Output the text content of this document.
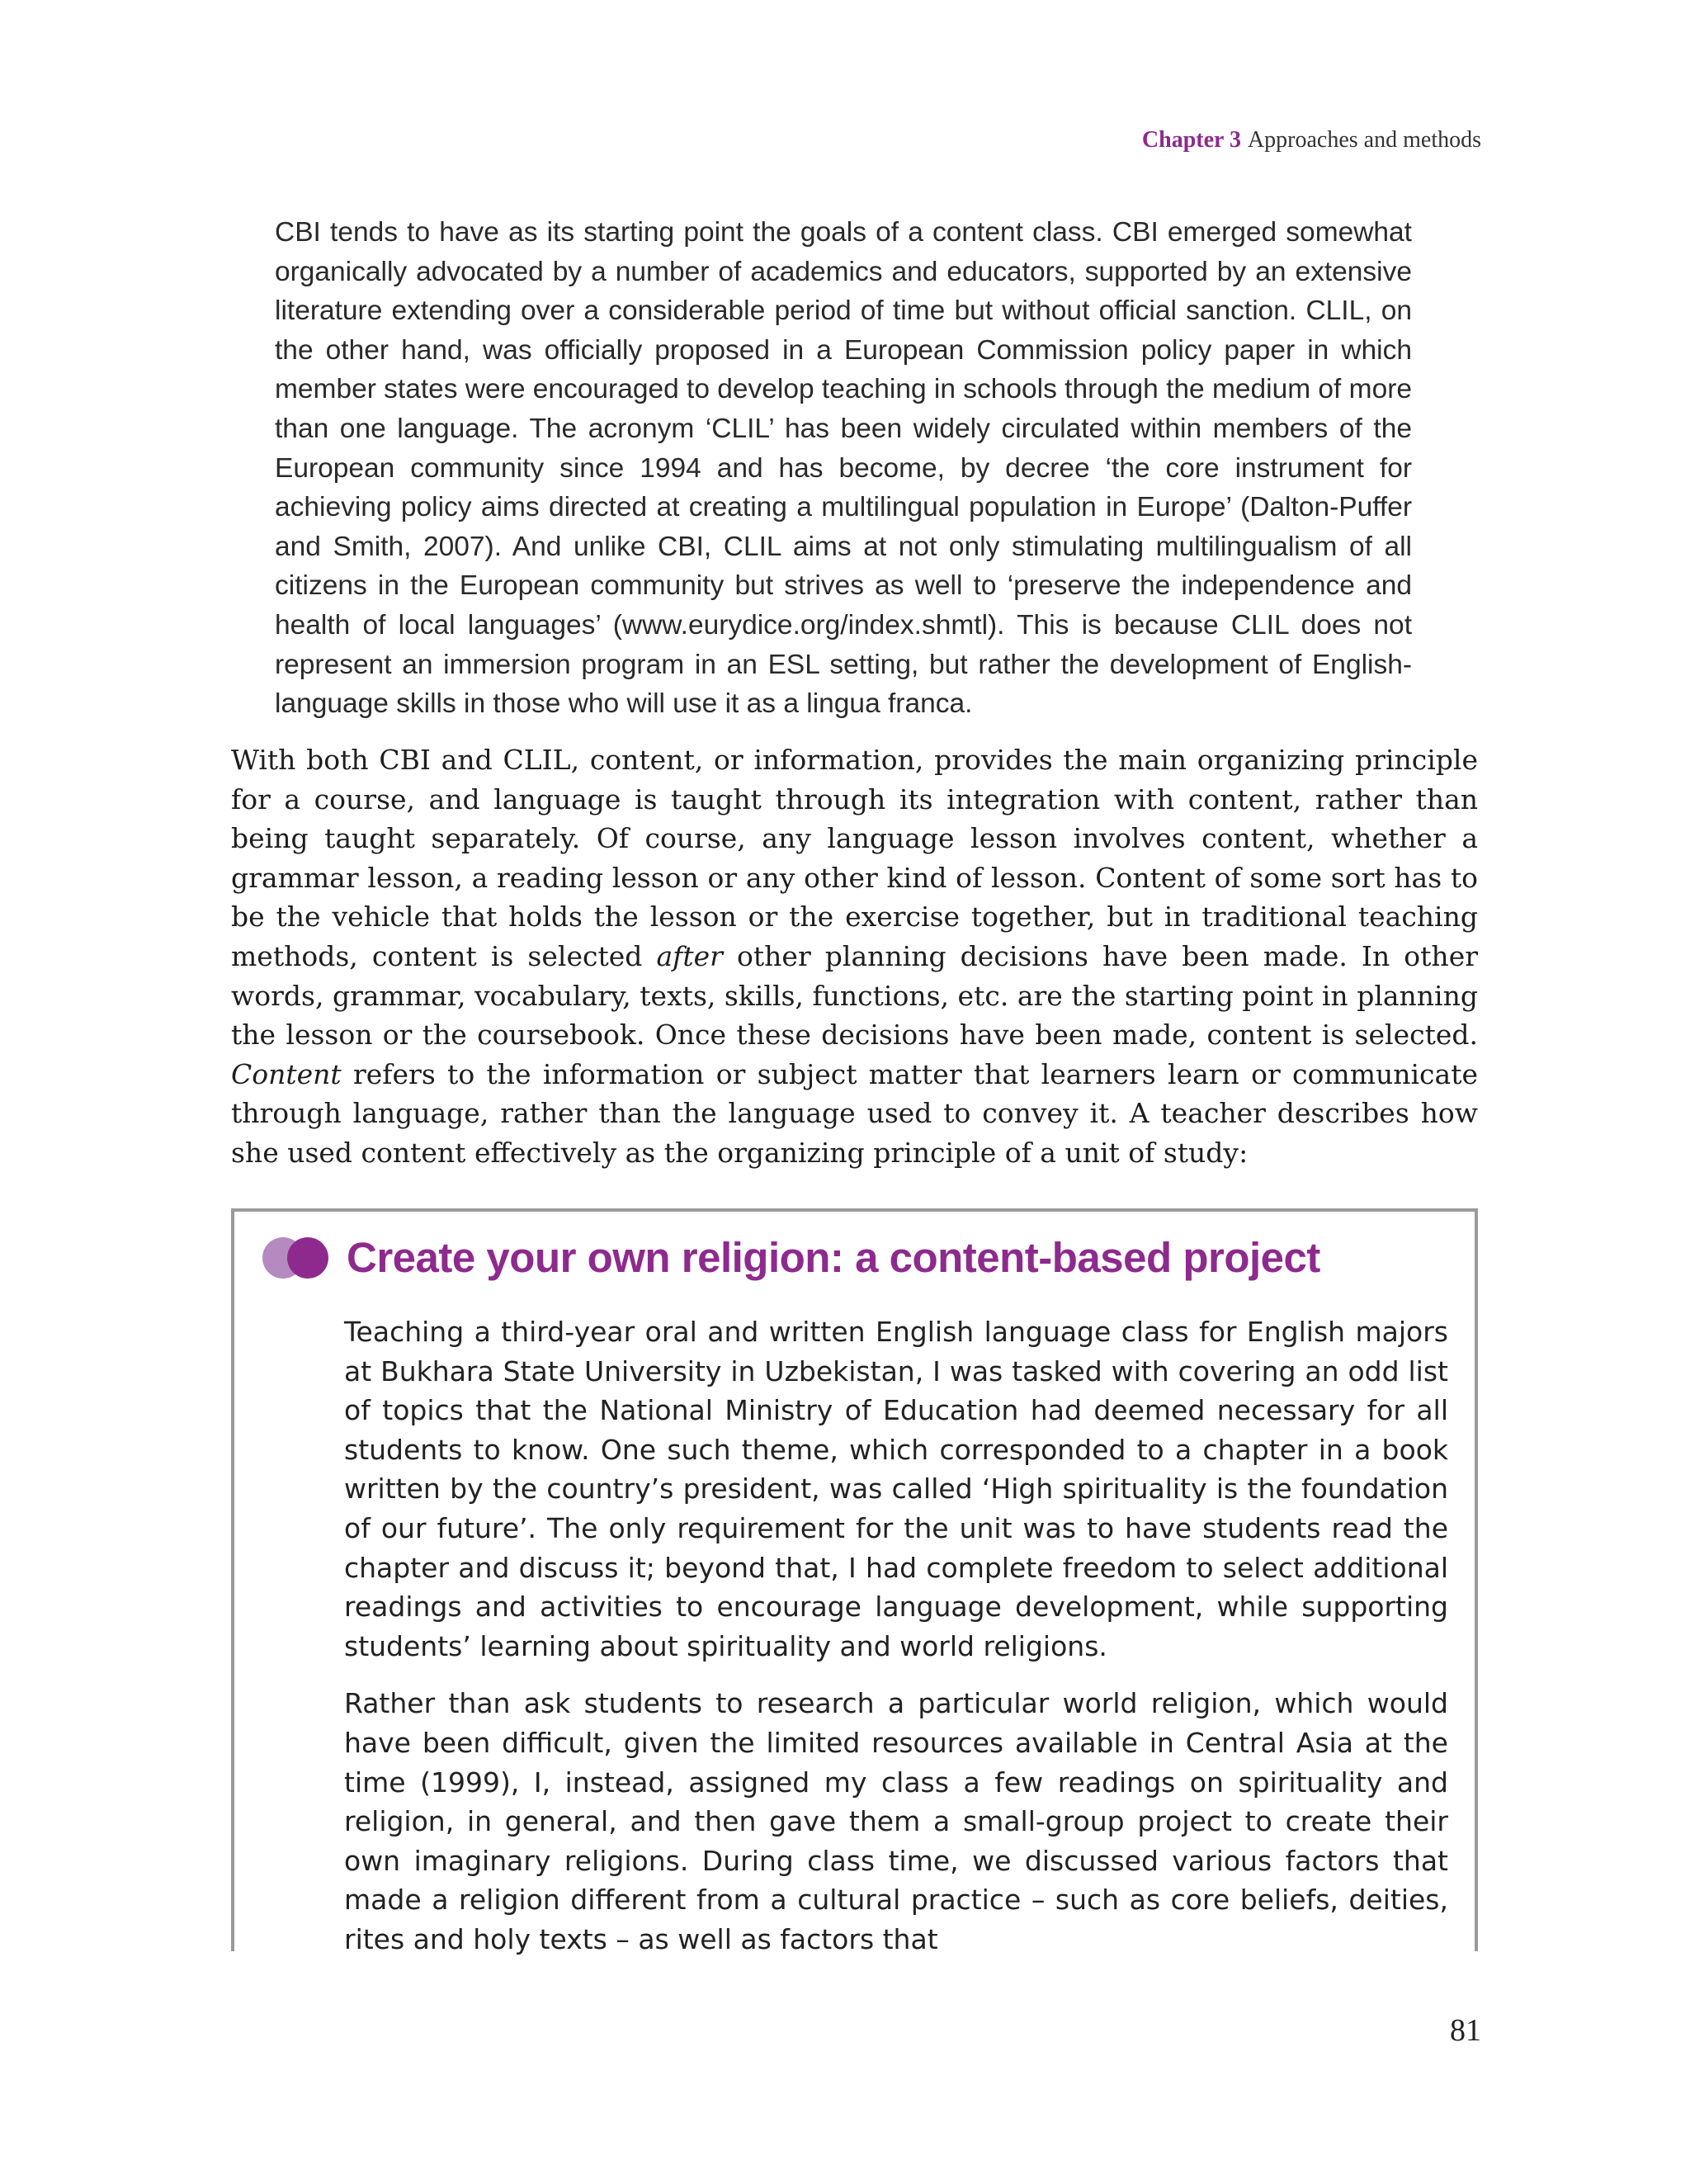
Chapter 3 Approaches and methods

CBI tends to have as its starting point the goals of a content class. CBI emerged somewhat organically advocated by a number of academics and educators, supported by an extensive literature extending over a considerable period of time but without official sanction. CLIL, on the other hand, was officially proposed in a European Commission policy paper in which member states were encouraged to develop teaching in schools through the medium of more than one language. The acronym ‘CLIL’ has been widely circulated within members of the European community since 1994 and has become, by decree ‘the core instrument for achieving policy aims directed at creating a multilingual population in Europe’ (Dalton-Puffer and Smith, 2007). And unlike CBI, CLIL aims at not only stimulating multilingualism of all citizens in the European community but strives as well to ‘preserve the independence and health of local languages’ (www.eurydice.org/index.shmtl). This is because CLIL does not represent an immersion program in an ESL setting, but rather the development of English-language skills in those who will use it as a lingua franca.

With both CBI and CLIL, content, or information, provides the main organizing principle for a course, and language is taught through its integration with content, rather than being taught separately. Of course, any language lesson involves content, whether a grammar lesson, a reading lesson or any other kind of lesson. Content of some sort has to be the vehicle that holds the lesson or the exercise together, but in traditional teaching methods, content is selected after other planning decisions have been made. In other words, grammar, vocabulary, texts, skills, functions, etc. are the starting point in planning the lesson or the coursebook. Once these decisions have been made, content is selected. Content refers to the information or subject matter that learners learn or communicate through language, rather than the language used to convey it. A teacher describes how she used content effectively as the organizing principle of a unit of study:

Create your own religion: a content-based project

Teaching a third-year oral and written English language class for English majors at Bukhara State University in Uzbekistan, I was tasked with covering an odd list of topics that the National Ministry of Education had deemed necessary for all students to know. One such theme, which corresponded to a chapter in a book written by the country’s president, was called ‘High spirituality is the foundation of our future’. The only requirement for the unit was to have students read the chapter and discuss it; beyond that, I had complete freedom to select additional readings and activities to encourage language development, while supporting students’ learning about spirituality and world religions.

Rather than ask students to research a particular world religion, which would have been difficult, given the limited resources available in Central Asia at the time (1999), I, instead, assigned my class a few readings on spirituality and religion, in general, and then gave them a small-group project to create their own imaginary religions. During class time, we discussed various factors that made a religion different from a cultural practice – such as core beliefs, deities, rites and holy texts – as well as factors that

81
